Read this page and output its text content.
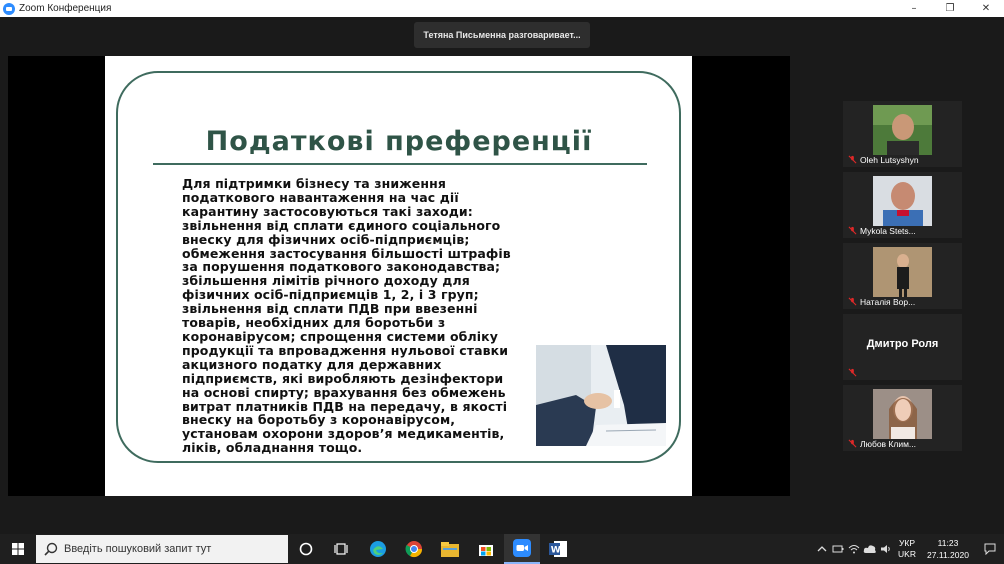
Zoom Конференция	–	❐	✕
Тетяна Письменна разговаривает...
Податкові преференції
Для підтримки бізнесу та зниження податкового навантаження на час дії карантину застосовуються такі заходи: звільнення від сплати єдиного соціального внеску для фізичних осіб-підприємців; обмеження застосування більшості штрафів за порушення податкового законодавства; збільшення лімітів річного доходу для фізичних осіб-підприємців 1, 2, і 3 груп; звільнення від сплати ПДВ при ввезенні товарів, необхідних для боротьби з коронавірусом; спрощення системи обліку продукції та впровадження нульової ставки акцизного податку для державних підприємств, які виробляють дезінфектори на основі спирту; врахування без обмежень витрат платників ПДВ на передачу, в якості внеску на боротьбу з коронавірусом, установам охорони здоров’я медикаментів, ліків, обладнання тощо.
Oleh Lutsyshyn
Mykola Stets...
Наталія Вор...
Дмитро Роля
Любов Клим...
Введіть пошуковий запит тут	W
УКР
UKR
11:23
27.11.2020
